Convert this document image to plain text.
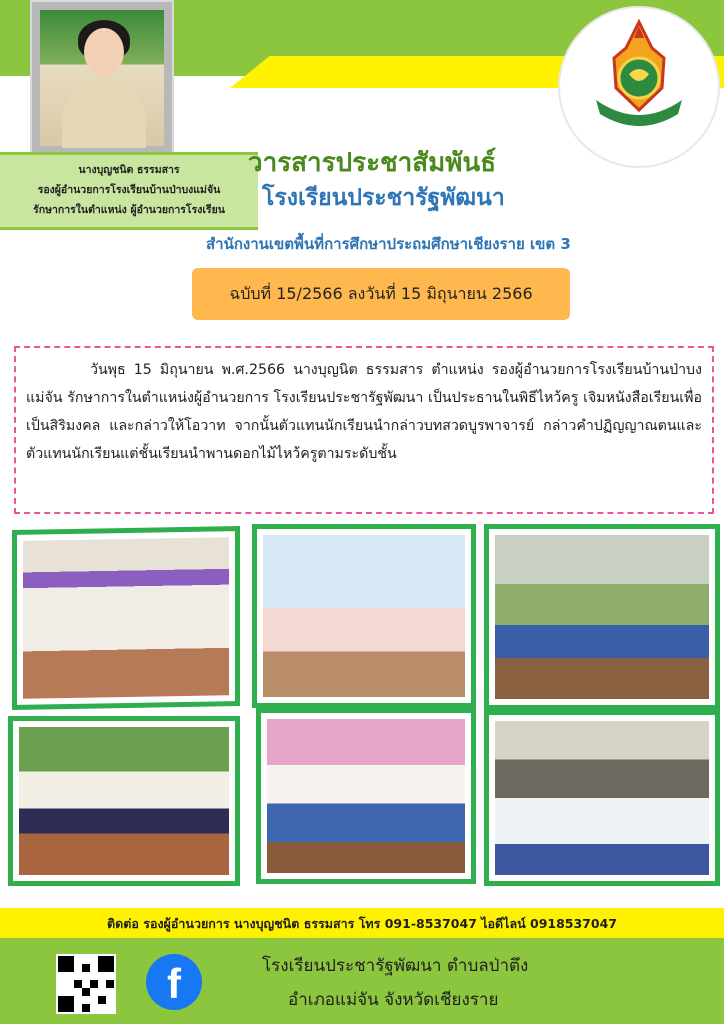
นางบุญชนิต ธรรมสาร
รองผู้อำนวยการโรงเรียนบ้านป่าบงแม่จัน
รักษาการในตำแหน่ง ผู้อำนวยการโรงเรียน
วารสารประชาสัมพันธ์
โรงเรียนประชารัฐพัฒนา
สำนักงานเขตพื้นที่การศึกษาประถมศึกษาเชียงราย เขต 3
ฉบับที่ 15/2566 ลงวันที่ 15 มิถุนายน 2566
วันพุธ 15 มิถุนายน พ.ศ.2566 นางบุญนิต ธรรมสาร ตำแหน่ง รองผู้อำนวยการโรงเรียนบ้านป่าบงแม่จัน รักษาการในตำแหน่งผู้อำนวยการ โรงเรียนประชารัฐพัฒนา เป็นประธานในพิธีไหว้ครู เจิมหนังสือเรียนเพื่อเป็นสิริมงคล และกล่าวให้โอวาท จากนั้นตัวแทนนักเรียนนำกล่าวบทสวดบูรพาจารย์ กล่าวคำปฏิญญาณตนและตัวแทนนักเรียนแต่ชั้นเรียนนำพานดอกไม้ไหว้ครูตามระดับชั้น
ติดต่อ รองผู้อำนวยการ นางบุญชนิต ธรรมสาร โทร 091-8537047 ไอดีไลน์ 0918537047
f	โรงเรียนประชารัฐพัฒนา ตำบลป่าตึง
อำเภอแม่จัน จังหวัดเชียงราย
